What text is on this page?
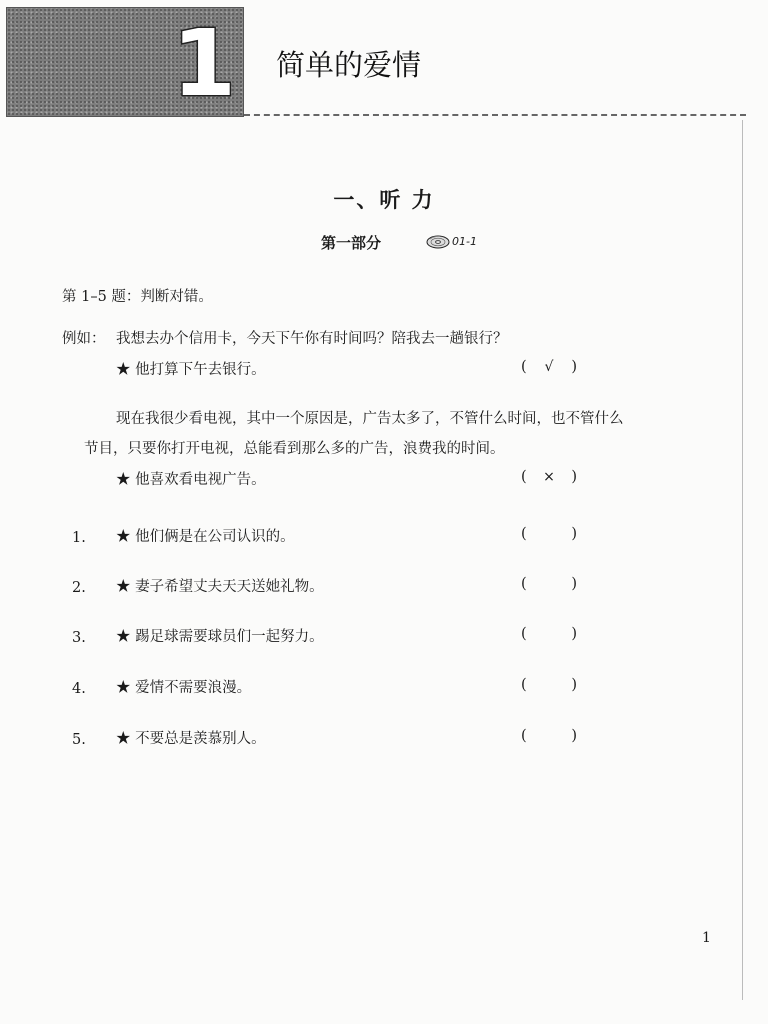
1 简单的爱情
一、听 力
第一部分	01-1
第 1–5 题：判断对错。
例如： 我想去办个信用卡，今天下午你有时间吗？陪我去一趟银行？
★ 他打算下午去银行。	(	√	)
现在我很少看电视，其中一个原因是，广告太多了，不管什么时间，也不管什么
节目，只要你打开电视，总能看到那么多的广告，浪费我的时间。
★ 他喜欢看电视广告。	(	×	)
1. ★ 他们俩是在公司认识的。	(	)
2. ★ 妻子希望丈夫天天送她礼物。	(	)
3. ★ 踢足球需要球员们一起努力。	(	)
4. ★ 爱情不需要浪漫。	(	)
5. ★ 不要总是羡慕别人。	(	)
1
